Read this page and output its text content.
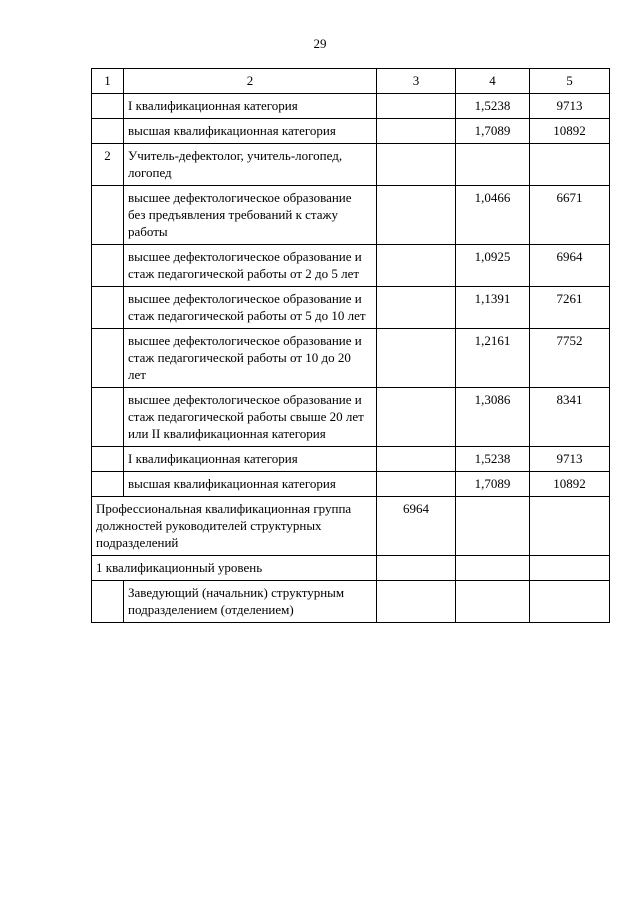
29
1	2	3	4	5
	I квалификационная категория		1,5238	9713
	высшая квалификационная категория		1,7089	10892
2	Учитель-дефектолог, учитель-логопед, логопед			
	высшее дефектологическое образование без предъявления требований к стажу работы		1,0466	6671
	высшее дефектологическое образование и стаж педагогической работы от 2 до 5 лет		1,0925	6964
	высшее дефектологическое образование и стаж педагогической работы от 5 до 10 лет		1,1391	7261
	высшее дефектологическое образование и стаж педагогической работы от 10 до 20 лет		1,2161	7752
	высшее дефектологическое образование и стаж педагогической работы свыше 20 лет или II квалификационная категория		1,3086	8341
	I квалификационная категория		1,5238	9713
	высшая квалификационная категория		1,7089	10892
Профессиональная квалификационная группа должностей руководителей структурных подразделений		6964		
1 квалификационный уровень				
	Заведующий (начальник) структурным подразделением (отделением)			
